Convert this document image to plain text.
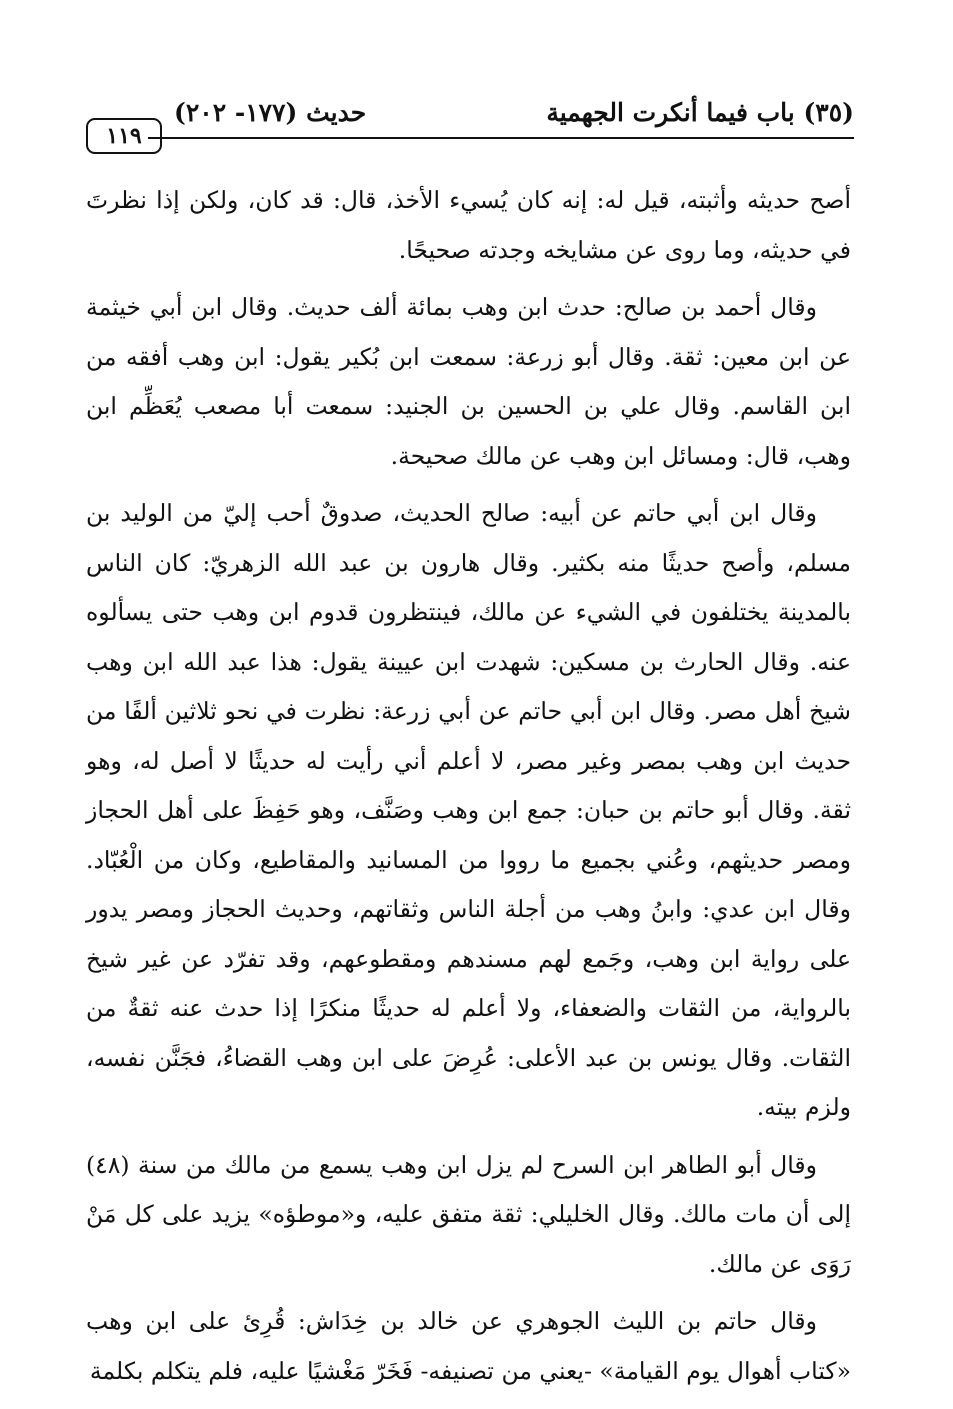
(٣٥) باب فيما أنكرت الجهمية
حديث (١٧٧- ٢٠٢)
١١٩

أصح حديثه وأثبته، قيل له: إنه كان يُسيء الأخذ، قال: قد كان، ولكن إذا نظرتَ في حديثه، وما روى عن مشايخه وجدته صحيحًا.

وقال أحمد بن صالح: حدث ابن وهب بمائة ألف حديث. وقال ابن أبي خيثمة عن ابن معين: ثقة. وقال أبو زرعة: سمعت ابن بُكير يقول: ابن وهب أفقه من ابن القاسم. وقال علي بن الحسين بن الجنيد: سمعت أبا مصعب يُعَظِّم ابن وهب، قال: ومسائل ابن وهب عن مالك صحيحة.

وقال ابن أبي حاتم عن أبيه: صالح الحديث، صدوقٌ أحب إليّ من الوليد بن مسلم، وأصح حديثًا منه بكثير. وقال هارون بن عبد الله الزهريّ: كان الناس بالمدينة يختلفون في الشيء عن مالك، فينتظرون قدوم ابن وهب حتى يسألوه عنه. وقال الحارث بن مسكين: شهدت ابن عيينة يقول: هذا عبد الله ابن وهب شيخ أهل مصر. وقال ابن أبي حاتم عن أبي زرعة: نظرت في نحو ثلاثين ألفًا من حديث ابن وهب بمصر وغير مصر، لا أعلم أني رأيت له حديثًا لا أصل له، وهو ثقة. وقال أبو حاتم بن حبان: جمع ابن وهب وصَنَّف، وهو حَفِظَ على أهل الحجاز ومصر حديثهم، وعُني بجميع ما رووا من المسانيد والمقاطيع، وكان من الْعُبّاد. وقال ابن عدي: وابنُ وهب من أجلة الناس وثقاتهم، وحديث الحجاز ومصر يدور على رواية ابن وهب، وجَمع لهم مسندهم ومقطوعهم، وقد تفرّد عن غير شيخ بالرواية، من الثقات والضعفاء، ولا أعلم له حديثًا منكرًا إذا حدث عنه ثقةٌ من الثقات. وقال يونس بن عبد الأعلى: عُرِضَ على ابن وهب القضاءُ، فجَنَّن نفسه، ولزم بيته.

وقال أبو الطاهر ابن السرح لم يزل ابن وهب يسمع من مالك من سنة (٤٨) إلى أن مات مالك. وقال الخليلي: ثقة متفق عليه، و«موطؤه» يزيد على كل مَنْ رَوَى عن مالك.

وقال حاتم بن الليث الجوهري عن خالد بن خِدَاش: قُرِئ على ابن وهب «كتاب أهوال يوم القيامة» -يعني من تصنيفه- فَخَرّ مَغْشيًا عليه، فلم يتكلم بكلمة
